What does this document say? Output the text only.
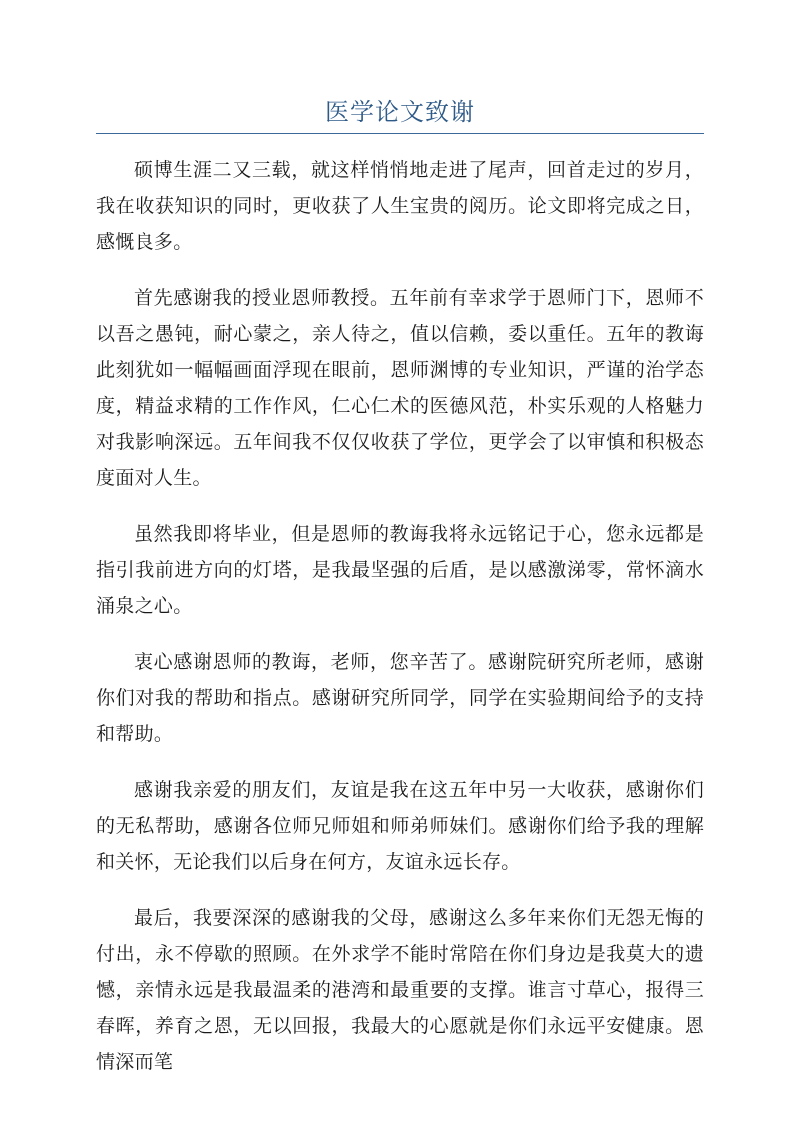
医学论文致谢

硕博生涯二又三载，就这样悄悄地走进了尾声，回首走过的岁月，我在收获知识的同时，更收获了人生宝贵的阅历。论文即将完成之日，感慨良多。

首先感谢我的授业恩师教授。五年前有幸求学于恩师门下，恩师不以吾之愚钝，耐心蒙之，亲人待之，值以信赖，委以重任。五年的教诲此刻犹如一幅幅画面浮现在眼前，恩师渊博的专业知识，严谨的治学态度，精益求精的工作作风，仁心仁术的医德风范，朴实乐观的人格魅力对我影响深远。五年间我不仅仅收获了学位，更学会了以审慎和积极态度面对人生。

虽然我即将毕业，但是恩师的教诲我将永远铭记于心，您永远都是指引我前进方向的灯塔，是我最坚强的后盾，是以感激涕零，常怀滴水涌泉之心。

衷心感谢恩师的教诲，老师，您辛苦了。感谢院研究所老师，感谢你们对我的帮助和指点。感谢研究所同学，同学在实验期间给予的支持和帮助。

感谢我亲爱的朋友们，友谊是我在这五年中另一大收获，感谢你们的无私帮助，感谢各位师兄师姐和师弟师妹们。感谢你们给予我的理解和关怀，无论我们以后身在何方，友谊永远长存。

最后，我要深深的感谢我的父母，感谢这么多年来你们无怨无悔的付出，永不停歇的照顾。在外求学不能时常陪在你们身边是我莫大的遗憾，亲情永远是我最温柔的港湾和最重要的支撑。谁言寸草心，报得三春晖，养育之恩，无以回报，我最大的心愿就是你们永远平安健康。恩情深而笔
